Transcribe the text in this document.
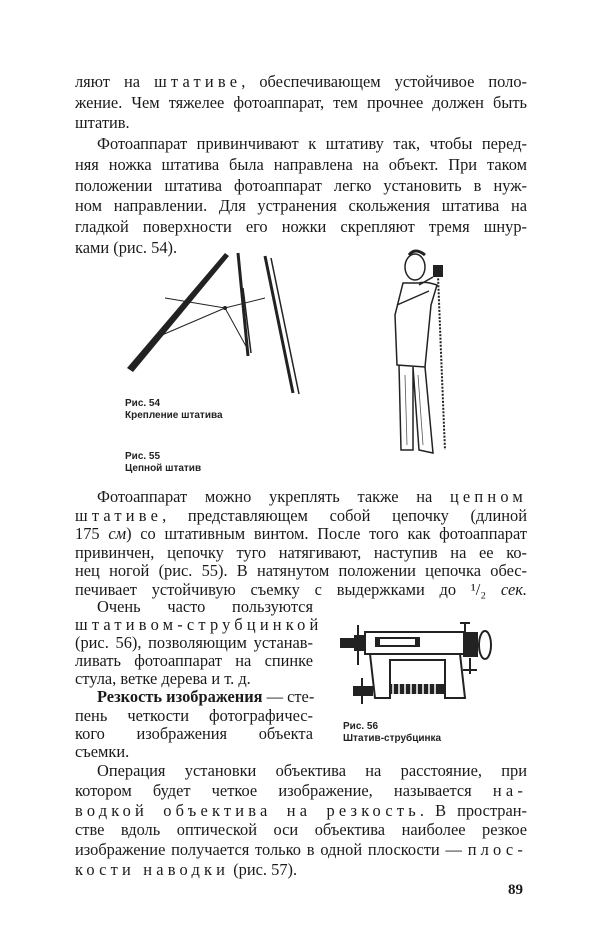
ляют на штативе, обеспечивающем устойчивое поло-
жение. Чем тяжелее фотоаппарат, тем прочнее должен быть
штатив.
Фотоаппарат привинчивают к штативу так, чтобы перед-
няя ножка штатива была направлена на объект. При таком
положении штатива фотоаппарат легко установить в нуж-
ном направлении. Для устранения скольжения штатива на
гладкой поверхности его ножки скрепляют тремя шнур-
ками (рис. 54).
Фотоаппарат можно укреплять также на цепном
штативе, представляющем собой цепочку (длиной
175 см) со штативным винтом. После того как фотоаппарат
привинчен, цепочку туго натягивают, наступив на ее ко-
нец ногой (рис. 55). В натянутом положении цепочка обес-
печивает устойчивую съемку с выдержками до ¹/₂ сек.
Очень часто пользуются
штативом-струбцинкой
(рис. 56), позволяющим устанав-
ливать фотоаппарат на спинке
стула, ветке дерева и т. д.
Резкость изображения — сте-
пень четкости фотографичес-
кого изображения объекта
съемки.
Операция установки объектива на расстояние, при
котором будет четкое изображение, называется на-
водкой объектива на резкость. В простран-
стве вдоль оптической оси объектива наиболее резкое
изображение получается только в одной плоскости — плос-
кости наводки (рис. 57).
Рис. 54
Крепление штатива
Рис. 55
Цепной штатив
Рис. 56
Штатив-струбцинка
89
